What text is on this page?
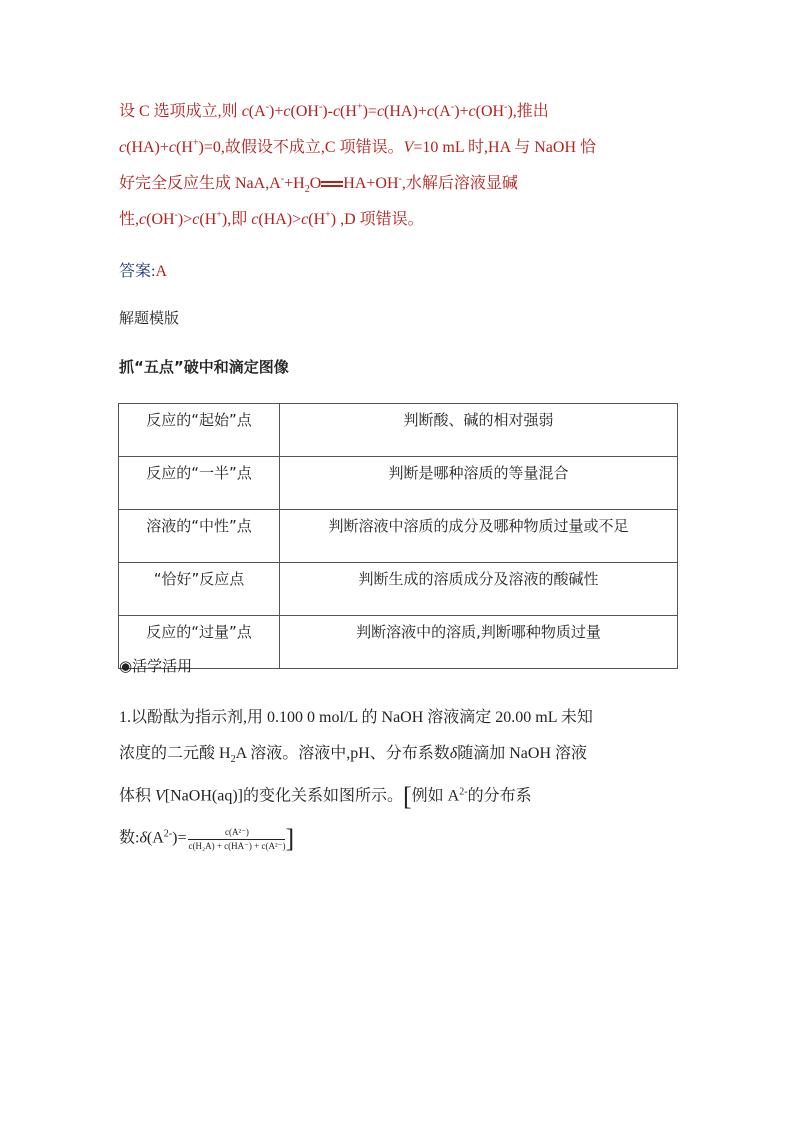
设 C 选项成立,则 c(A-)+c(OH-)-c(H+)=c(HA)+c(A-)+c(OH-),推出
c(HA)+c(H+)=0,故假设不成立,C 项错误。V=10 mL 时,HA 与 NaOH 恰
好完全反应生成 $NaA,A^-+H_2O$ HA+OH-,水解后溶液显碱
性,c(OH-)>c(H+),即 c(HA)>c(H+) ,D 项错误。
答案:A
解题模版
抓“五点”破中和滴定图像
反应的“起始”点	判断酸、碱的相对强弱
反应的“一半”点	判断是哪种溶质的等量混合
溶液的“中性”点	判断溶液中溶质的成分及哪种物质过量或不足
“恰好”反应点	判断生成的溶质成分及溶液的酸碱性
反应的“过量”点	判断溶液中的溶质,判断哪种物质过量
◉活学活用
1.以酚酞为指示剂,用 0.100 0 mol/L 的 NaOH 溶液滴定 20.00 mL 未知
浓度的二元酸 $H_2A$ 溶液。溶液中,pH、分布系数δ随滴加 NaOH 溶液
体积 V[NaOH(aq)]的变化关系如图所示。[例如 $A^{2-}$的分布系
数$:\delta(A^{2-})= \frac{\text{c(A²⁻)}}{\text{c(H₂A) + c(HA⁻) + c(A²⁻)}}$ ]
